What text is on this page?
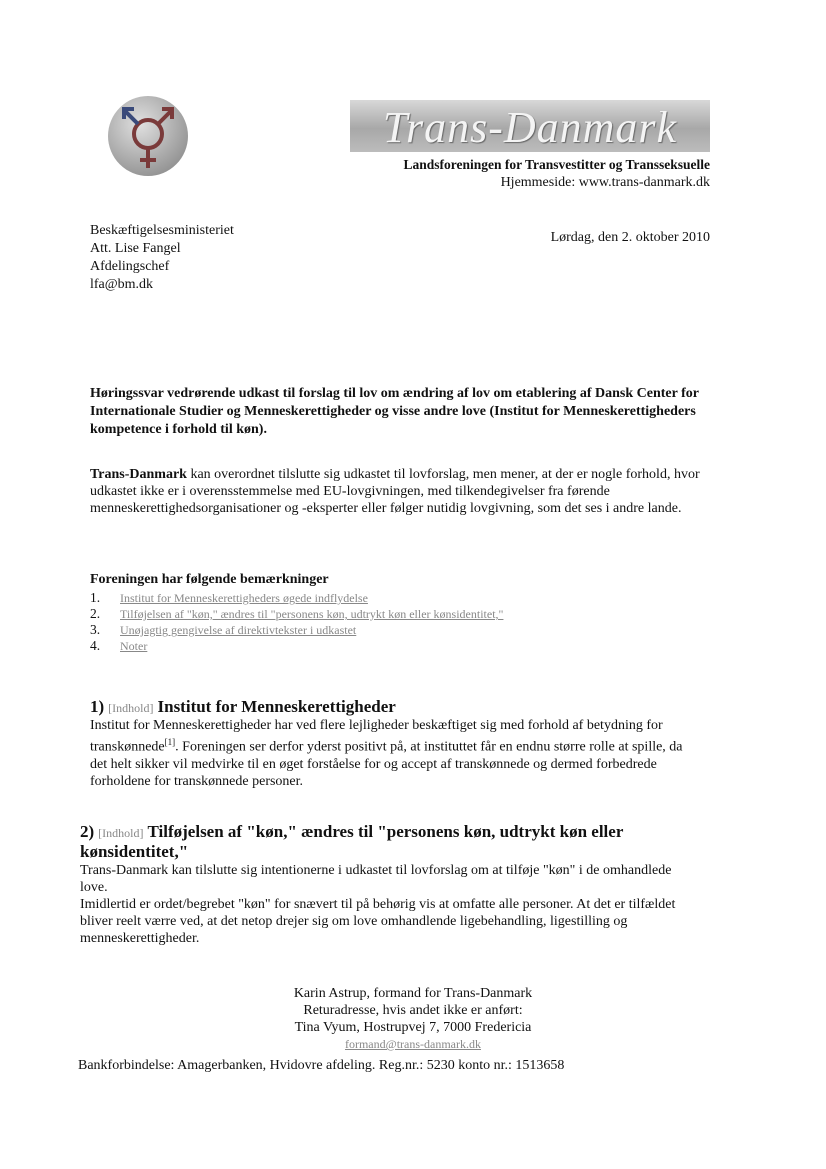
Trans-Danmark
Landsforeningen for Transvestitter og Transseksuelle
Hjemmeside: www.trans-danmark.dk
Beskæftigelsesministeriet
Att. Lise Fangel
Afdelingschef
lfa@bm.dk
Lørdag, den 2. oktober 2010
Høringssvar vedrørende udkast til forslag til lov om ændring af lov om etablering af Dansk Center for Internationale Studier og Menneskerettigheder og visse andre love (Institut for Menneskerettigheders kompetence i forhold til køn).
Trans-Danmark kan overordnet tilslutte sig udkastet til lovforslag, men mener, at der er nogle forhold, hvor udkastet ikke er i overensstemmelse med EU-lovgivningen, med tilkendegivelser fra førende menneskerettighedsorganisationer og -eksperter eller følger nutidig lovgivning, som det ses i andre lande.
Foreningen har følgende bemærkninger
1.	Institut for Menneskerettigheders øgede indflydelse
2.	Tilføjelsen af "køn," ændres til "personens køn, udtrykt køn eller kønsidentitet,"
3.	Unøjagtig gengivelse af direktivtekster i udkastet
4.	Noter
1) [Indhold] Institut for Menneskerettigheder
Institut for Menneskerettigheder har ved flere lejligheder beskæftiget sig med forhold af betydning for transkønnede[1]. Foreningen ser derfor yderst positivt på, at instituttet får en endnu større rolle at spille, da det helt sikker vil medvirke til en øget forståelse for og accept af transkønnede og dermed forbedrede forholdene for transkønnede personer.
2) [Indhold] Tilføjelsen af "køn," ændres til "personens køn, udtrykt køn eller kønsidentitet,"
Trans-Danmark kan tilslutte sig intentionerne i udkastet til lovforslag om at tilføje "køn" i de omhandlede love.
Imidlertid er ordet/begrebet "køn" for snævert til på behørig vis at omfatte alle personer. At det er tilfældet bliver reelt værre ved, at det netop drejer sig om love omhandlende ligebehandling, ligestilling og menneskerettigheder.
Karin Astrup, formand for Trans-Danmark
Returadresse, hvis andet ikke er anført:
Tina Vyum, Hostrupvej 7, 7000 Fredericia
formand@trans-danmark.dk
Bankforbindelse: Amagerbanken, Hvidovre afdeling. Reg.nr.: 5230 konto nr.: 1513658
